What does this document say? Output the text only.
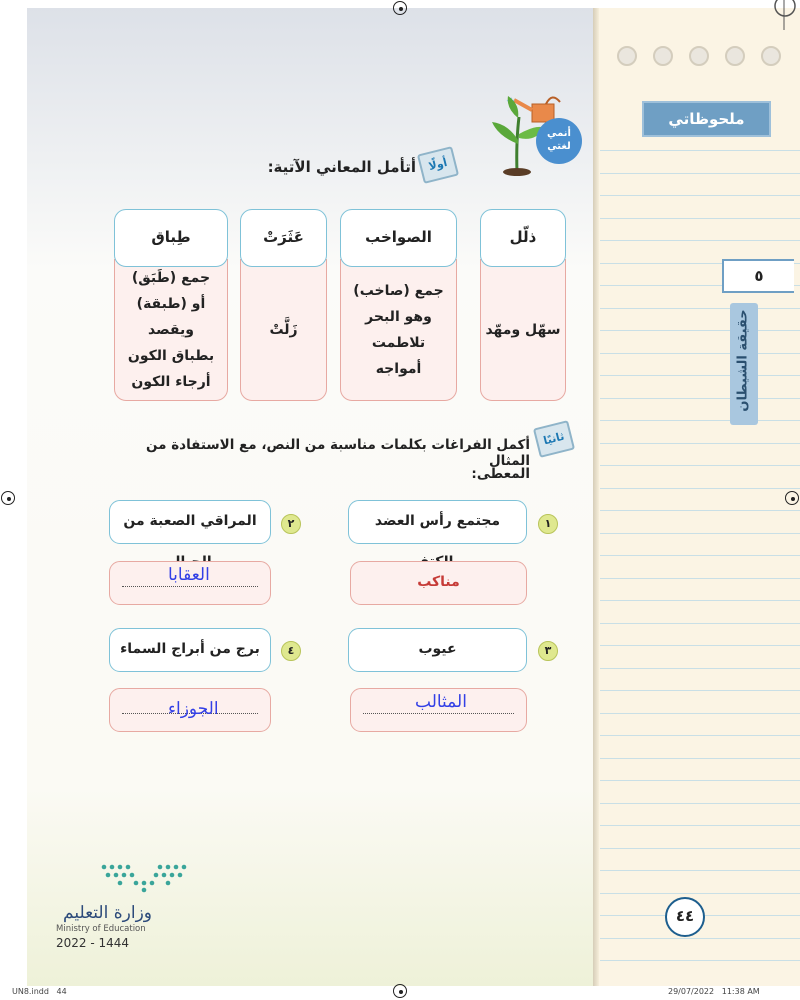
ملحوظاتي
٥
حقيقة الشيطان
أنمي لغتي
أولًا
أتأمل المعاني الآتية:
سهّل ومهّد
ذلّل
جمع (صاخب) وهو البحر تلاطمت أمواجه
الصواخب
زَلَّتْ
عَثَرَتْ
جمع (طَبَق) أو (طبقة) ويقصد بطباق الكون أرجاء الكون
طِباق
ثانيًا
أكمل الفراغات بكلمات مناسبة من النص، مع الاستفادة من المثال
المعطى:
١
مجتمع رأس العضد
مناكب
٢
المراقي الصعبة من
العقابا
٣
عيوب
المثالب
٤
برج من أبراج السماء
الجوزاء
وزارة التعليم
Ministry of Education
2022 - 1444
٤٤
UN8.indd   44	29/07/2022   11:38 AM
